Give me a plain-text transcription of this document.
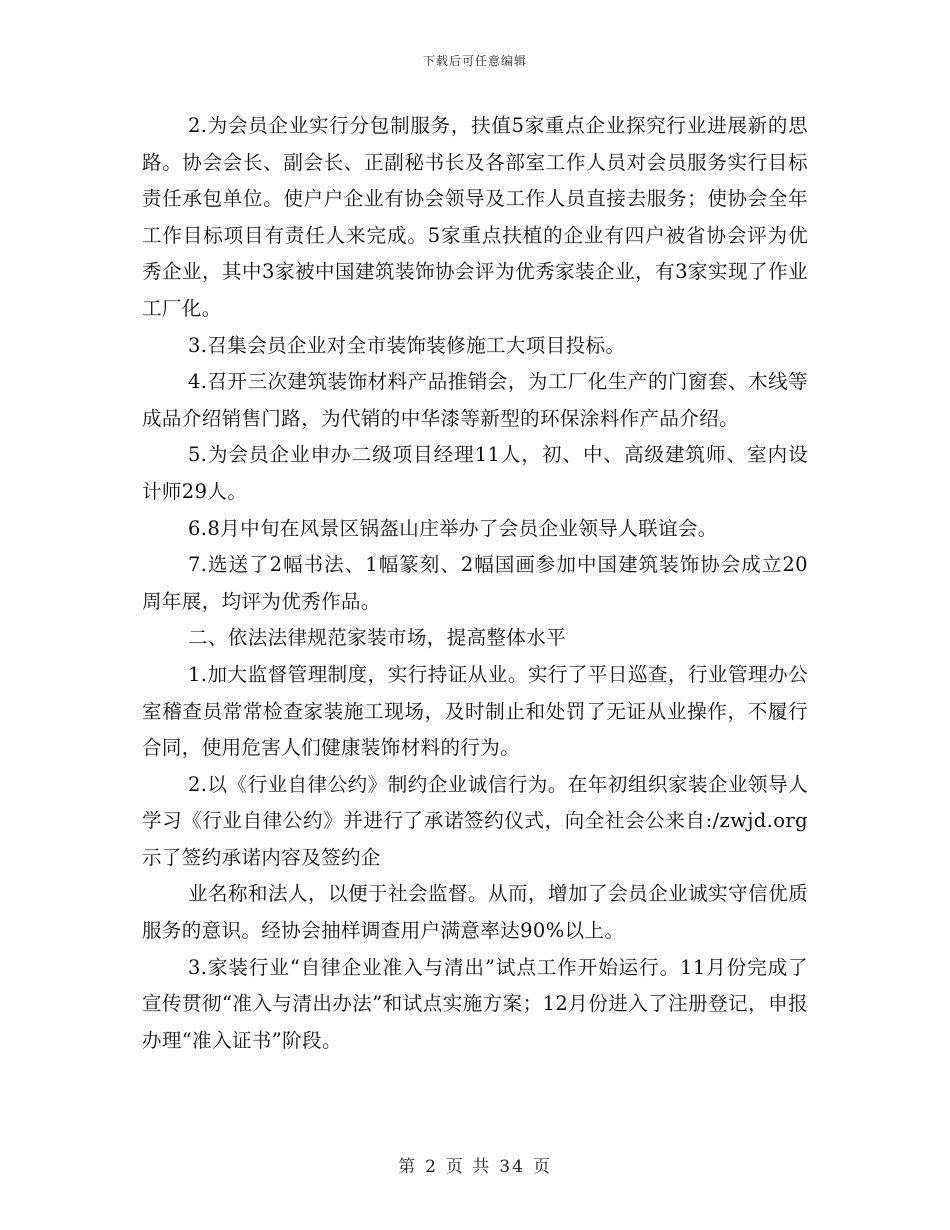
下载后可任意编辑

2.为会员企业实行分包制服务，扶值5家重点企业探究行业进展新的思路。协会会长、副会长、正副秘书长及各部室工作人员对会员服务实行目标责任承包单位。使户户企业有协会领导及工作人员直接去服务；使协会全年工作目标项目有责任人来完成。5家重点扶植的企业有四户被省协会评为优秀企业，其中3家被中国建筑装饰协会评为优秀家装企业，有3家实现了作业工厂化。

3.召集会员企业对全市装饰装修施工大项目投标。

4.召开三次建筑装饰材料产品推销会，为工厂化生产的门窗套、木线等成品介绍销售门路，为代销的中华漆等新型的环保涂料作产品介绍。

5.为会员企业申办二级项目经理11人，初、中、高级建筑师、室内设计师29人。

6.8月中旬在风景区锅盔山庄举办了会员企业领导人联谊会。

7.选送了2幅书法、1幅篆刻、2幅国画参加中国建筑装饰协会成立20周年展，均评为优秀作品。

二、依法法律规范家装市场，提高整体水平

1.加大监督管理制度，实行持证从业。实行了平日巡查，行业管理办公室稽查员常常检查家装施工现场，及时制止和处罚了无证从业操作，不履行合同，使用危害人们健康装饰材料的行为。

2.以《行业自律公约》制约企业诚信行为。在年初组织家装企业领导人学习《行业自律公约》并进行了承诺签约仪式，向全社会公来自:/zwjd.org示了签约承诺内容及签约企

业名称和法人，以便于社会监督。从而，增加了会员企业诚实守信优质服务的意识。经协会抽样调查用户满意率达90%以上。

3.家装行业“自律企业准入与清出”试点工作开始运行。11月份完成了宣传贯彻“准入与清出办法”和试点实施方案；12月份进入了注册登记，申报办理“准入证书”阶段。

第 2 页 共 34 页
